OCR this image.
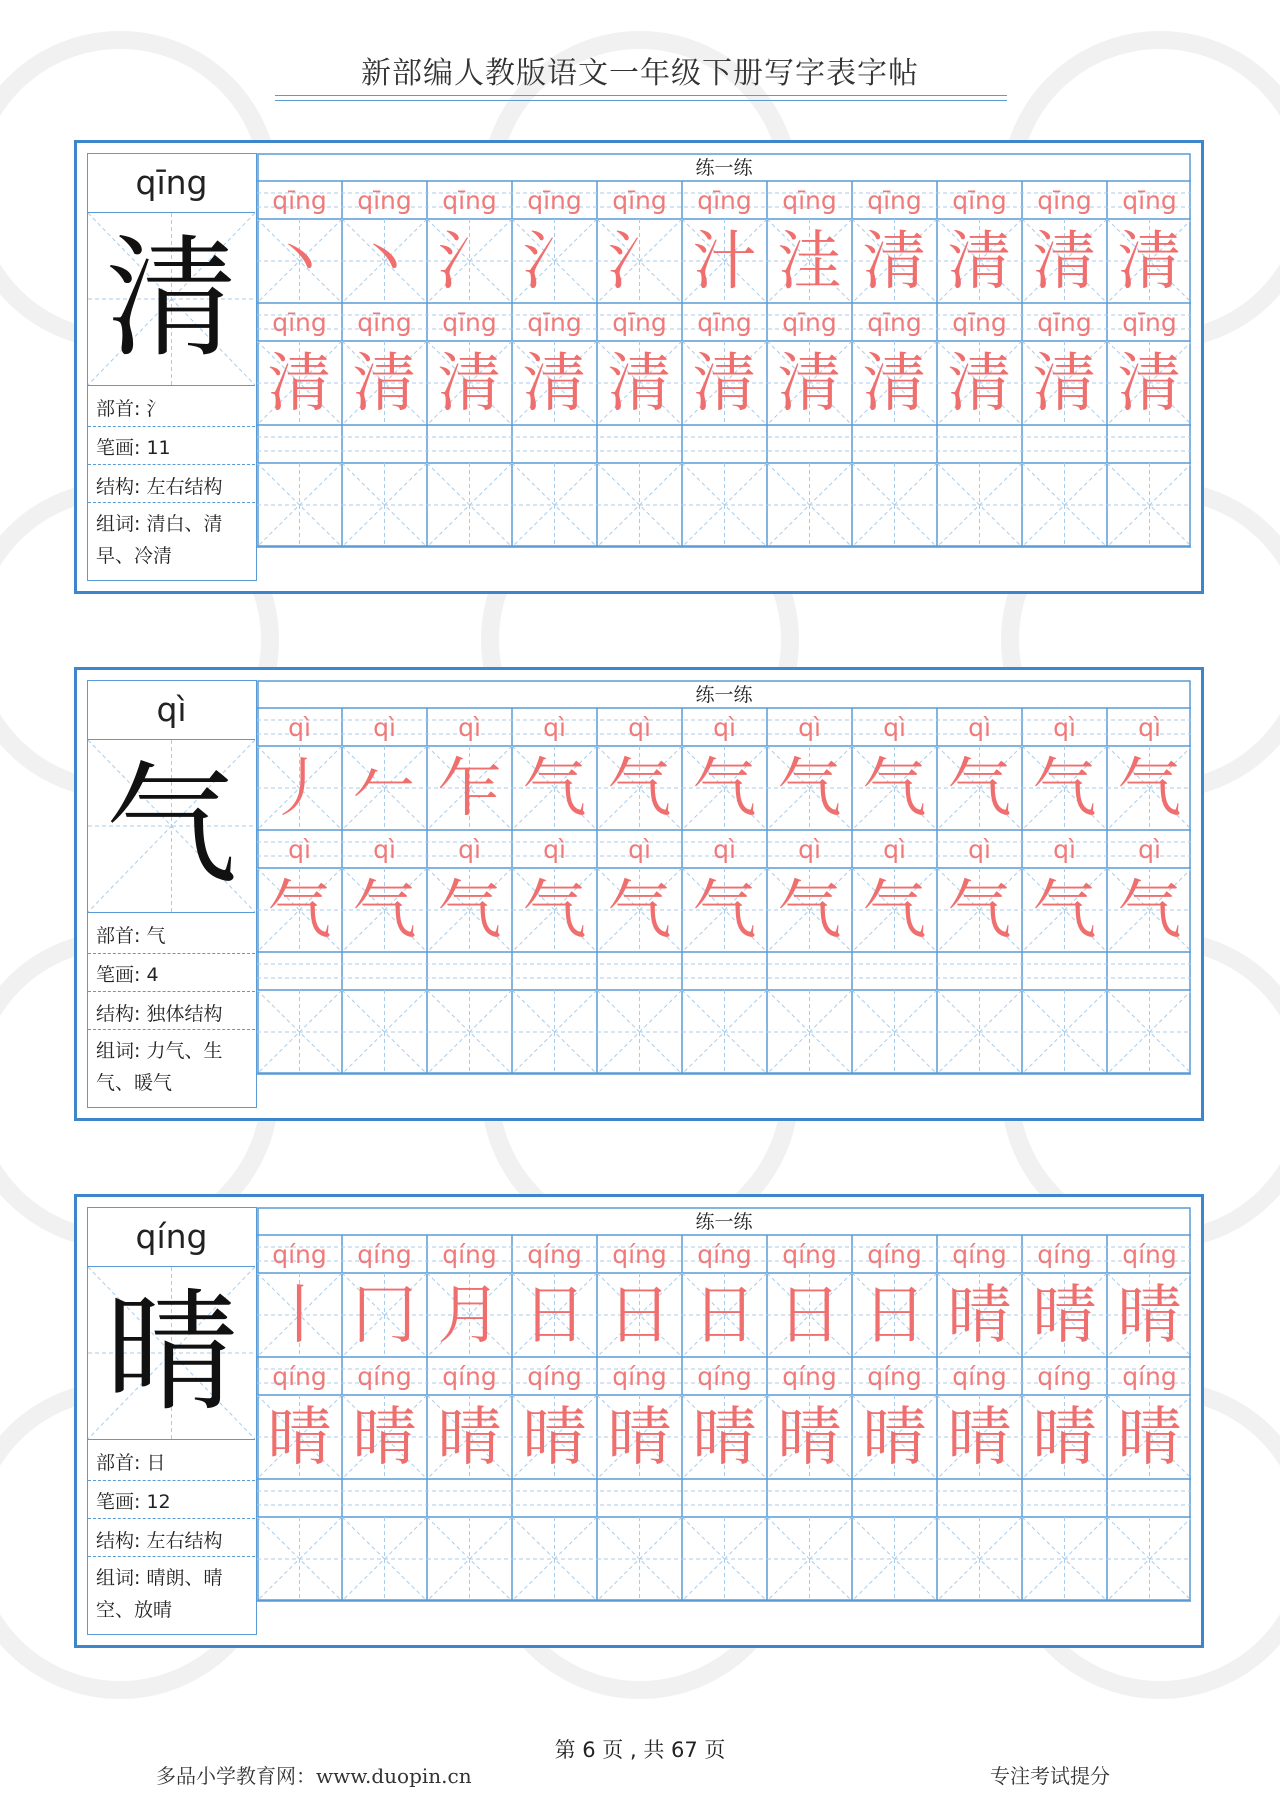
新部编人教版语文一年级下册写字表字帖
qīng
清
部首: 氵
笔画: 11
结构: 左右结构
组词: 清白、清早、冷清
练一练
qīng
丶
qīng
丶
qīng
氵
qīng
氵
qīng
氵
qīng
汁
qīng
洼
qīng
清
qīng
清
qīng
清
qīng
清
qīng
清
qīng
清
qīng
清
qīng
清
qīng
清
qīng
清
qīng
清
qīng
清
qīng
清
qīng
清
qīng
清
qì
气
部首: 气
笔画: 4
结构: 独体结构
组词: 力气、生气、暖气
练一练
qì
丿
qì
𠂉
qì
乍
qì
气
qì
气
qì
气
qì
气
qì
气
qì
气
qì
气
qì
气
qì
气
qì
气
qì
气
qì
气
qì
气
qì
气
qì
气
qì
气
qì
气
qì
气
qì
气
qíng
晴
部首: 日
笔画: 12
结构: 左右结构
组词: 晴朗、晴空、放晴
练一练
qíng
丨
qíng
冂
qíng
月
qíng
日
qíng
日
qíng
日
qíng
日
qíng
日
qíng
晴
qíng
晴
qíng
晴
qíng
晴
qíng
晴
qíng
晴
qíng
晴
qíng
晴
qíng
晴
qíng
晴
qíng
晴
qíng
晴
qíng
晴
qíng
晴
第 6 页 , 共 67 页
多品小学教育网：www.duopin.cn	专注考试提分
